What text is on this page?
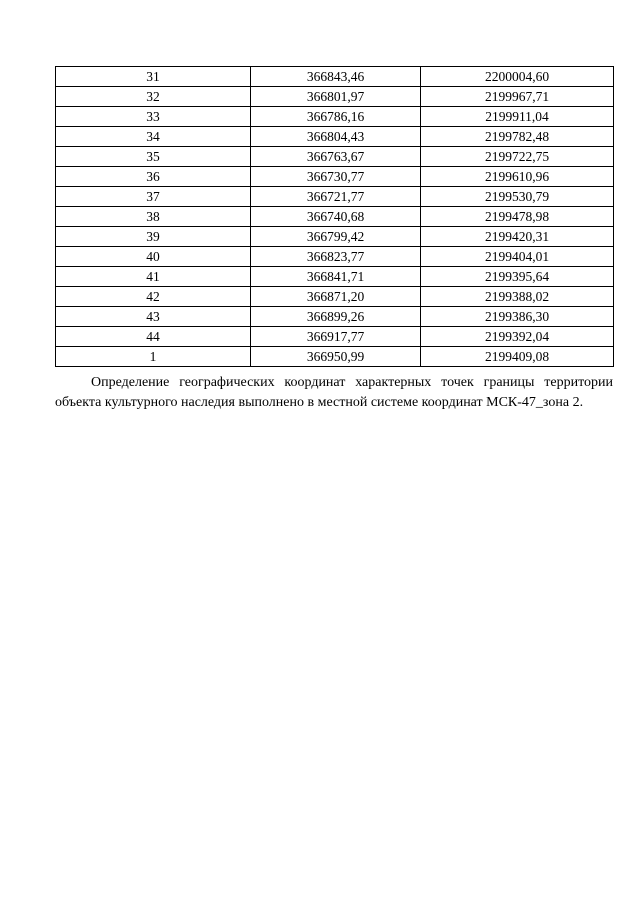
31	366843,46	2200004,60
32	366801,97	2199967,71
33	366786,16	2199911,04
34	366804,43	2199782,48
35	366763,67	2199722,75
36	366730,77	2199610,96
37	366721,77	2199530,79
38	366740,68	2199478,98
39	366799,42	2199420,31
40	366823,77	2199404,01
41	366841,71	2199395,64
42	366871,20	2199388,02
43	366899,26	2199386,30
44	366917,77	2199392,04
1	366950,99	2199409,08

Определение географических координат характерных точек границы территории объекта культурного наследия выполнено в местной системе координат МСК-47_зона 2.
